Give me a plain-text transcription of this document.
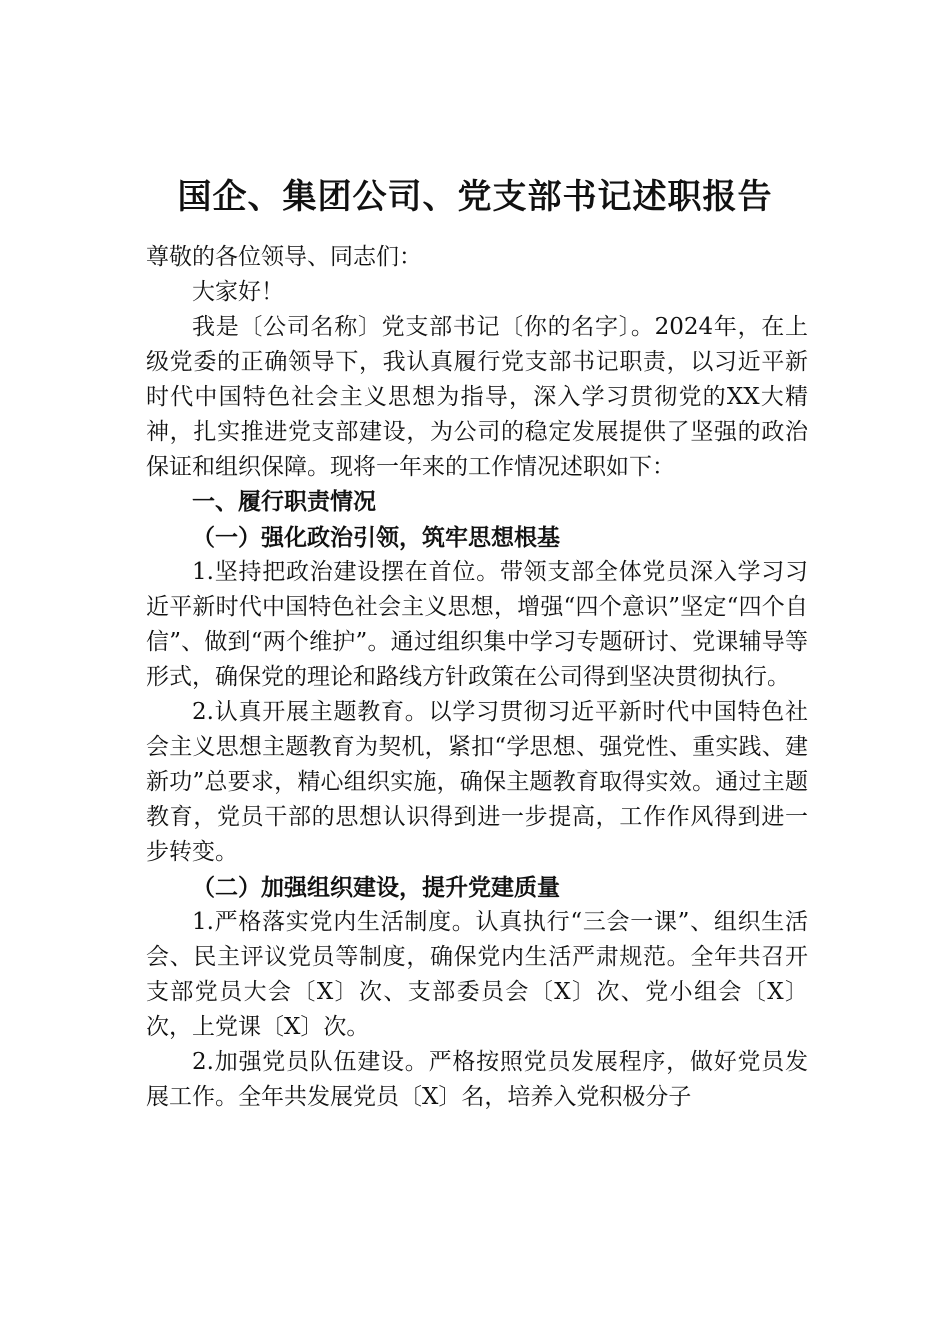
国企、集团公司、党支部书记述职报告

尊敬的各位领导、同志们：

大家好！

我是〔公司名称〕党支部书记〔你的名字〕。2024年，在上级党委的正确领导下，我认真履行党支部书记职责，以习近平新时代中国特色社会主义思想为指导，深入学习贯彻党的XX大精神，扎实推进党支部建设，为公司的稳定发展提供了坚强的政治保证和组织保障。现将一年来的工作情况述职如下：

一、履行职责情况

（一）强化政治引领，筑牢思想根基

1.坚持把政治建设摆在首位。带领支部全体党员深入学习习近平新时代中国特色社会主义思想，增强“四个意识”坚定“四个自信”、做到“两个维护”。通过组织集中学习专题研讨、党课辅导等形式，确保党的理论和路线方针政策在公司得到坚决贯彻执行。

2.认真开展主题教育。以学习贯彻习近平新时代中国特色社会主义思想主题教育为契机，紧扣“学思想、强党性、重实践、建新功”总要求，精心组织实施，确保主题教育取得实效。通过主题教育，党员干部的思想认识得到进一步提高，工作作风得到进一步转变。

（二）加强组织建设，提升党建质量

1.严格落实党内生活制度。认真执行“三会一课”、组织生活会、民主评议党员等制度，确保党内生活严肃规范。全年共召开支部党员大会〔X〕次、支部委员会〔X〕次、党小组会〔X〕次，上党课〔X〕次。

2.加强党员队伍建设。严格按照党员发展程序，做好党员发展工作。全年共发展党员〔X〕名，培养入党积极分子
